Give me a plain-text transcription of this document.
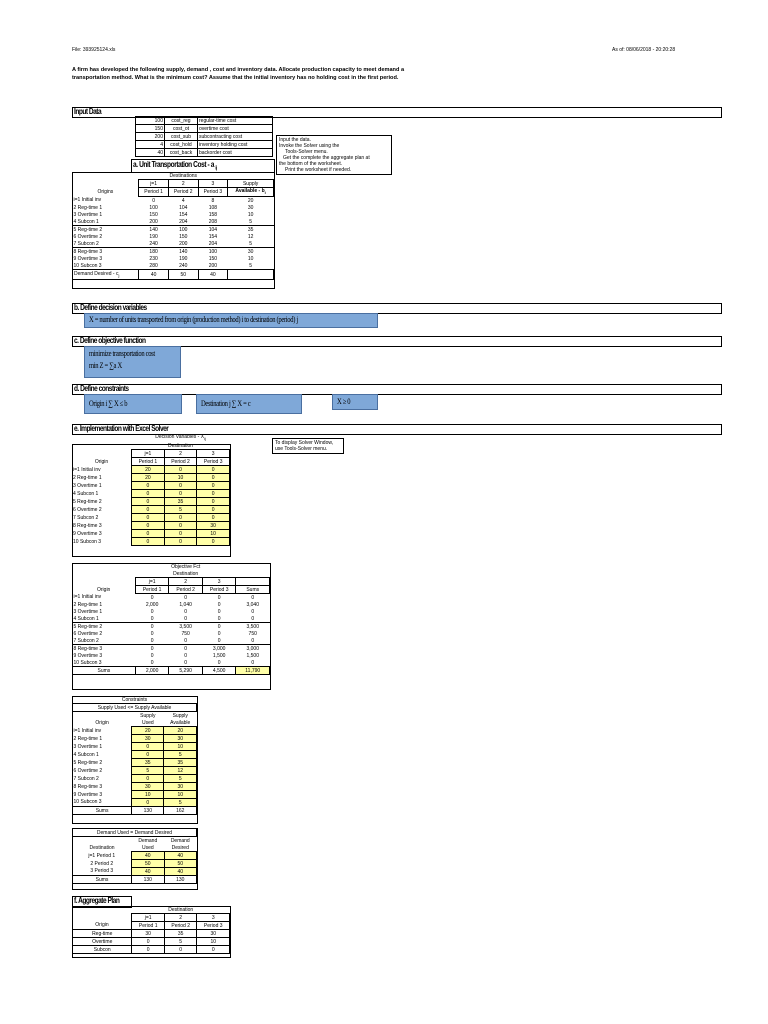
File: 393925124.xls	As of: 08/06/2018 - 20:20:28
A firm has developed the following supply, demand , cost and inventory data. Allocate production capacity to meet demand a
transportation method. What is the minimum cost? Assume that the initial inventory has no holding cost in the first period.
Input Data
100	cost_reg	regular-time cost
150	cost_ot	overtime cost
200	cost_sub	subcontracting cost
4	cost_hold	inventory holding cost
40	cost_back	backorder cost
Input the data.
Invoke the Solver using the
Tools-Solver menu.
Get the complete the aggregate plan at
the bottom of the worksheet.
Print the worksheet if needed.
a. Unit Transportation Cost - a $_{ij}$
	Destinations			
	j=1	2	3	Supply
Origins	Period 1	Period 2	Period 3	Available - $b_i$
i=1 Initial inv	0	4	8	20
2 Reg-time 1	100	104	108	30
3 Overtime 1	150	154	158	10
4 Subcon 1	200	204	208	5
5 Reg-time 2	140	100	104	35
6 Overtime 2	190	150	154	12
7 Subcon 2	240	200	204	5
8 Reg-time 3	180	140	100	30
9 Overtime 3	230	190	150	10
10 Subcon 3	280	240	200	5
Demand Desired - $c_j$	40	50	40	
b. Define decision variables
X = number of units transported from origin (production method) i to destination (period) j
c. Define objective function
minimize transportation cost
min Z = ∑a X
d. Define constraints
Origin i ∑ X ≤ b	Destination j ∑ X = c	X ≥ 0
e. Implementation with Excel Solver
To display Solver Window,
use Tools-Solver menu.
	Decision Variables - $X_{ij}$
	Destination		
	j=1	2	3
Origin	Period 1	Period 2	Period 3
i=1 Initial inv	20	0	0
2 Reg-time 1	20	10	0
3 Overtime 1	0	0	0
4 Subcon 1	0	0	0
5 Reg-time 2	0	35	0
6 Overtime 2	0	5	0
7 Subcon 2	0	0	0
8 Reg-time 3	0	0	30
9 Overtime 3	0	0	10
10 Subcon 3	0	0	0
	Objective Fct			
	Destination			
	j=1	2	3	
Origin	Period 1	Period 2	Period 3	Sums
i=1 Initial inv	0	0	0	0
2 Reg-time 1	2,000	1,040	0	3,040
3 Overtime 1	0	0	0	0
4 Subcon 1	0	0	0	0
5 Reg-time 2	0	3,500	0	3,500
6 Overtime 2	0	750	0	750
7 Subcon 2	0	0	0	0
8 Reg-time 3	0	0	3,000	3,000
9 Overtime 3	0	0	1,500	1,500
10 Subcon 3	0	0	0	0
Sums	2,000	5,290	4,500	11,790
Constraints		
Supply Used <= Supply Available		
	Supply	Supply
Origin	Used	Available
i=1 Initial inv	20	20
2 Reg-time 1	30	30
3 Overtime 1	0	10
4 Subcon 1	0	5
5 Reg-time 2	35	35
6 Overtime 2	5	12
7 Subcon 2	0	5
8 Reg-time 3	30	30
9 Overtime 3	10	10
10 Subcon 3	0	5
Sums	130	162
Demand Used = Demand Desired		
	Demand	Demand
Destination	Used	Desired
j=1 Period 1	40	40
2 Period 2	50	50
3 Period 3	40	40
Sums	130	130
f. Aggregate Plan
	Destination		
	j=1	2	3
Origin	Period 1	Period 2	Period 3
Reg-time	30	35	30
Overtime	0	5	10
Subcon	0	0	0
